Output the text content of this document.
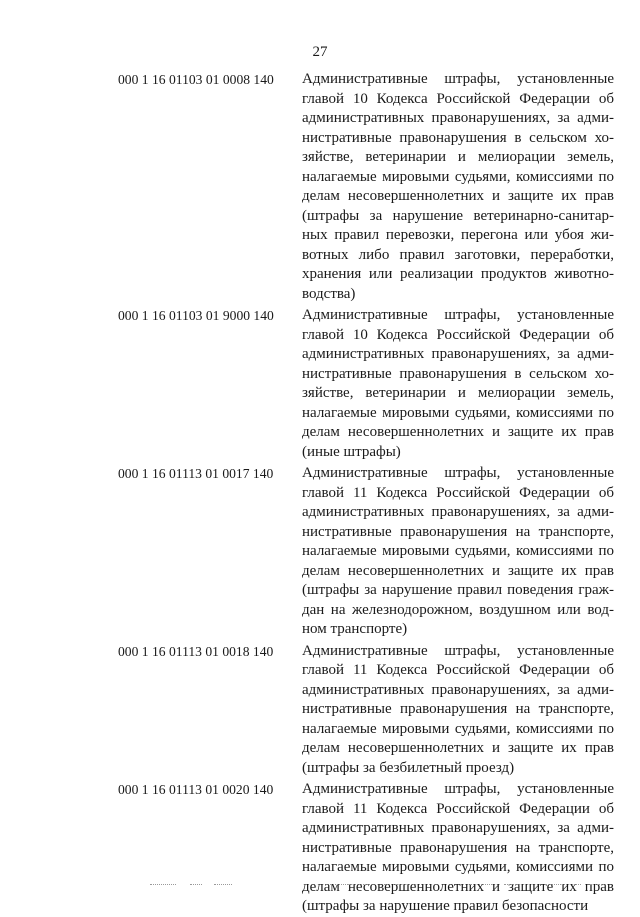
27
000 1 16 01103 01 0008 140	Административные штрафы, установленные
главой 10 Кодекса Российской Федерации об
административных правонарушениях, за адми-
нистративные правонарушения в сельском хо-
зяйстве, ветеринарии и мелиорации земель,
налагаемые мировыми судьями, комиссиями по
делам несовершеннолетних и защите их прав
(штрафы за нарушение ветеринарно-санитар-
ных правил перевозки, перегона или убоя жи-
вотных либо правил заготовки, переработки,
хранения или реализации продуктов животно-
водства)
000 1 16 01103 01 9000 140	Административные штрафы, установленные
главой 10 Кодекса Российской Федерации об
административных правонарушениях, за адми-
нистративные правонарушения в сельском хо-
зяйстве, ветеринарии и мелиорации земель,
налагаемые мировыми судьями, комиссиями по
делам несовершеннолетних и защите их прав
(иные штрафы)
000 1 16 01113 01 0017 140	Административные штрафы, установленные
главой 11 Кодекса Российской Федерации об
административных правонарушениях, за адми-
нистративные правонарушения на транспорте,
налагаемые мировыми судьями, комиссиями по
делам несовершеннолетних и защите их прав
(штрафы за нарушение правил поведения граж-
дан на железнодорожном, воздушном или вод-
ном транспорте)
000 1 16 01113 01 0018 140	Административные штрафы, установленные
главой 11 Кодекса Российской Федерации об
административных правонарушениях, за адми-
нистративные правонарушения на транспорте,
налагаемые мировыми судьями, комиссиями по
делам несовершеннолетних и защите их прав
(штрафы за безбилетный проезд)
000 1 16 01113 01 0020 140	Административные штрафы, установленные
главой 11 Кодекса Российской Федерации об
административных правонарушениях, за адми-
нистративные правонарушения на транспорте,
налагаемые мировыми судьями, комиссиями по
делам несовершеннолетних и защите их прав
(штрафы за нарушение правил безопасности
